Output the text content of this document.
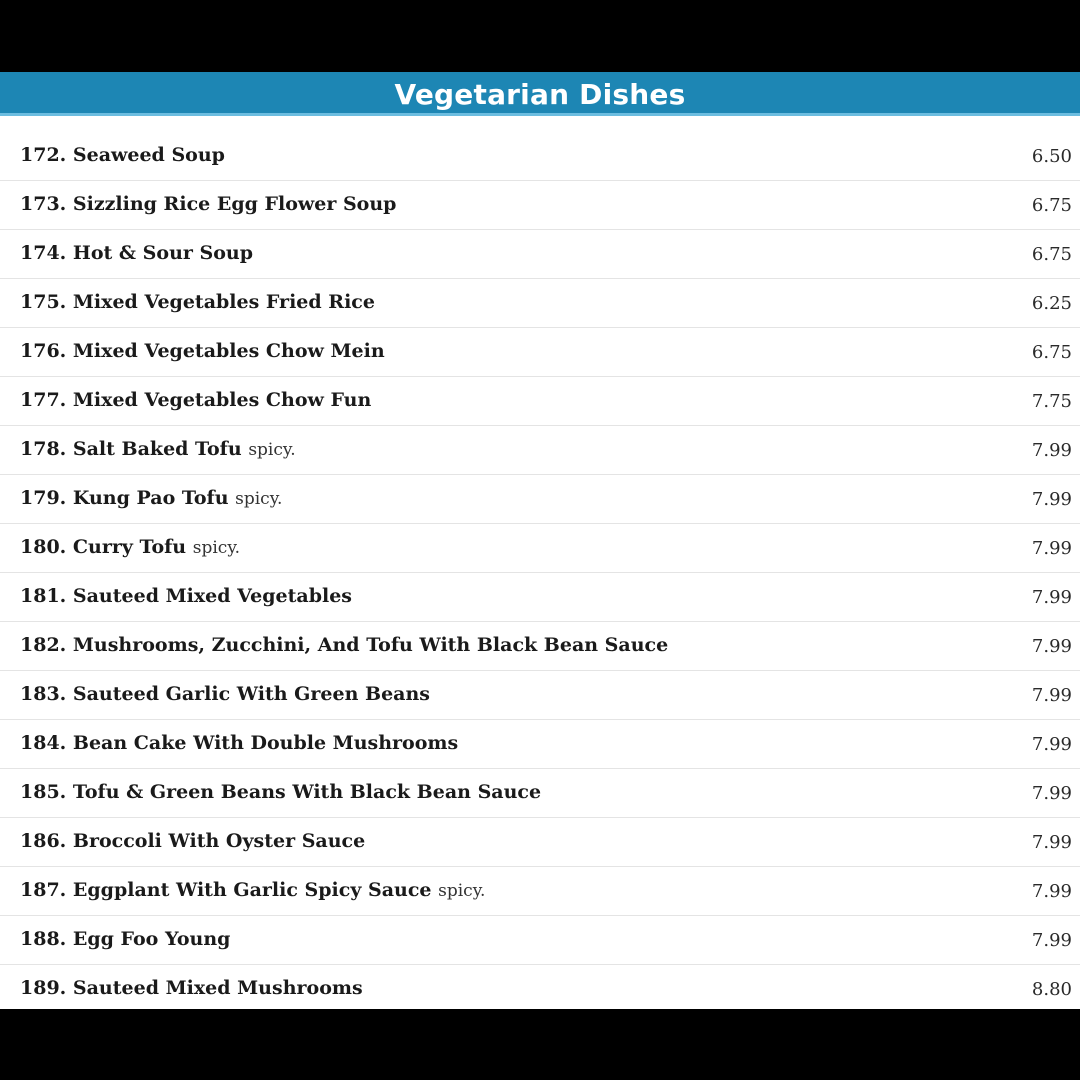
Vegetarian Dishes
172. Seaweed Soup	6.50
173. Sizzling Rice Egg Flower Soup	6.75
174. Hot & Sour Soup	6.75
175. Mixed Vegetables Fried Rice	6.25
176. Mixed Vegetables Chow Mein	6.75
177. Mixed Vegetables Chow Fun	7.75
178. Salt Baked Tofu spicy.	7.99
179. Kung Pao Tofu spicy.	7.99
180. Curry Tofu spicy.	7.99
181. Sauteed Mixed Vegetables	7.99
182. Mushrooms, Zucchini, And Tofu With Black Bean Sauce	7.99
183. Sauteed Garlic With Green Beans	7.99
184. Bean Cake With Double Mushrooms	7.99
185. Tofu & Green Beans With Black Bean Sauce	7.99
186. Broccoli With Oyster Sauce	7.99
187. Eggplant With Garlic Spicy Sauce spicy.	7.99
188. Egg Foo Young	7.99
189. Sauteed Mixed Mushrooms	8.80
